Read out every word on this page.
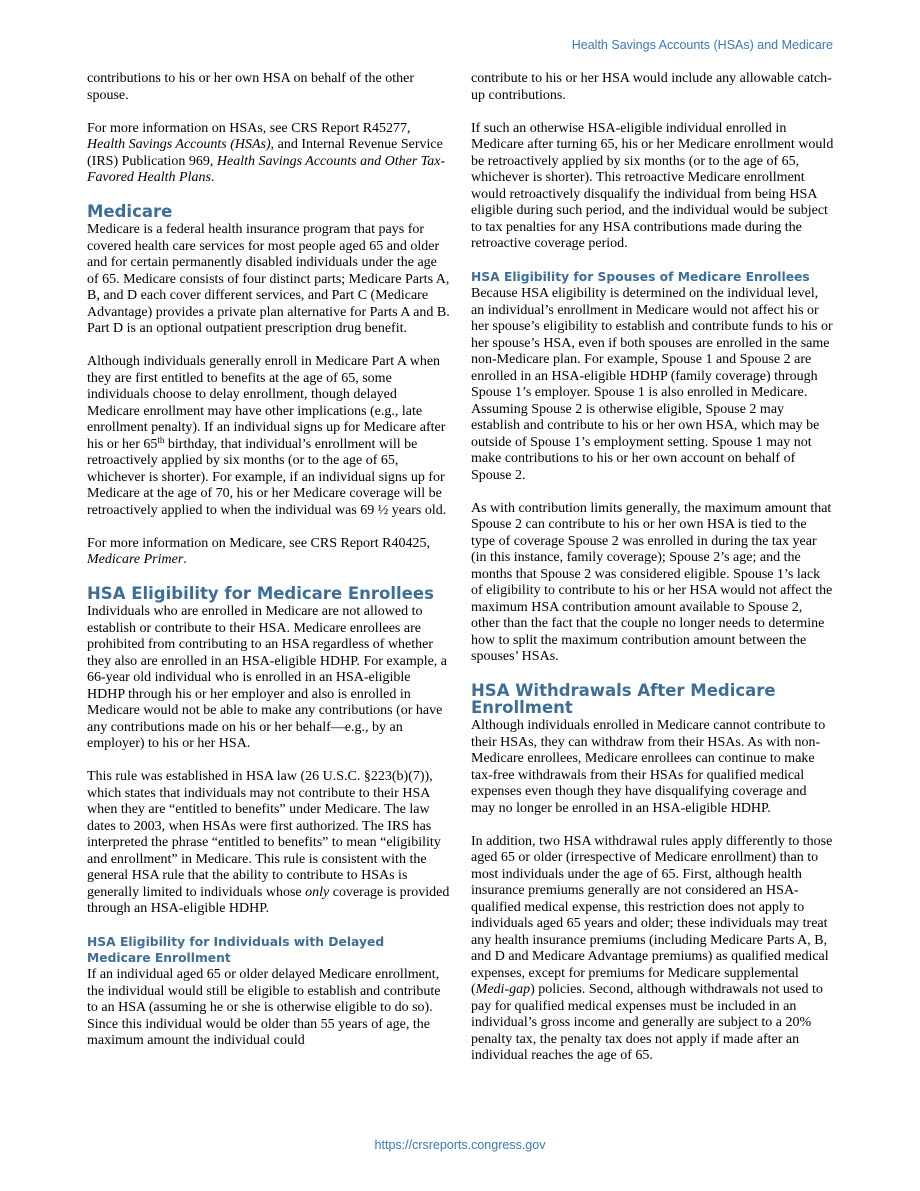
Health Savings Accounts (HSAs) and Medicare

contributions to his or her own HSA on behalf of the other spouse.

For more information on HSAs, see CRS Report R45277, Health Savings Accounts (HSAs), and Internal Revenue Service (IRS) Publication 969, Health Savings Accounts and Other Tax-Favored Health Plans.

Medicare

Medicare is a federal health insurance program that pays for covered health care services for most people aged 65 and older and for certain permanently disabled individuals under the age of 65. Medicare consists of four distinct parts; Medicare Parts A, B, and D each cover different services, and Part C (Medicare Advantage) provides a private plan alternative for Parts A and B. Part D is an optional outpatient prescription drug benefit.

Although individuals generally enroll in Medicare Part A when they are first entitled to benefits at the age of 65, some individuals choose to delay enrollment, though delayed Medicare enrollment may have other implications (e.g., late enrollment penalty). If an individual signs up for Medicare after his or her 65th birthday, that individual’s enrollment will be retroactively applied by six months (or to the age of 65, whichever is shorter). For example, if an individual signs up for Medicare at the age of 70, his or her Medicare coverage will be retroactively applied to when the individual was 69 ½ years old.

For more information on Medicare, see CRS Report R40425, Medicare Primer.

HSA Eligibility for Medicare Enrollees

Individuals who are enrolled in Medicare are not allowed to establish or contribute to their HSA. Medicare enrollees are prohibited from contributing to an HSA regardless of whether they also are enrolled in an HSA-eligible HDHP. For example, a 66-year old individual who is enrolled in an HSA-eligible HDHP through his or her employer and also is enrolled in Medicare would not be able to make any contributions (or have any contributions made on his or her behalf—e.g., by an employer) to his or her HSA.

This rule was established in HSA law (26 U.S.C. §223(b)(7)), which states that individuals may not contribute to their HSA when they are “entitled to benefits” under Medicare. The law dates to 2003, when HSAs were first authorized. The IRS has interpreted the phrase “entitled to benefits” to mean “eligibility and enrollment” in Medicare. This rule is consistent with the general HSA rule that the ability to contribute to HSAs is generally limited to individuals whose only coverage is provided through an HSA-eligible HDHP.

HSA Eligibility for Individuals with Delayed Medicare Enrollment

If an individual aged 65 or older delayed Medicare enrollment, the individual would still be eligible to establish and contribute to an HSA (assuming he or she is otherwise eligible to do so). Since this individual would be older than 55 years of age, the maximum amount the individual could

contribute to his or her HSA would include any allowable catch-up contributions.

If such an otherwise HSA-eligible individual enrolled in Medicare after turning 65, his or her Medicare enrollment would be retroactively applied by six months (or to the age of 65, whichever is shorter). This retroactive Medicare enrollment would retroactively disqualify the individual from being HSA eligible during such period, and the individual would be subject to tax penalties for any HSA contributions made during the retroactive coverage period.

HSA Eligibility for Spouses of Medicare Enrollees

Because HSA eligibility is determined on the individual level, an individual’s enrollment in Medicare would not affect his or her spouse’s eligibility to establish and contribute funds to his or her spouse’s HSA, even if both spouses are enrolled in the same non-Medicare plan. For example, Spouse 1 and Spouse 2 are enrolled in an HSA-eligible HDHP (family coverage) through Spouse 1’s employer. Spouse 1 is also enrolled in Medicare. Assuming Spouse 2 is otherwise eligible, Spouse 2 may establish and contribute to his or her own HSA, which may be outside of Spouse 1’s employment setting. Spouse 1 may not make contributions to his or her own account on behalf of Spouse 2.

As with contribution limits generally, the maximum amount that Spouse 2 can contribute to his or her own HSA is tied to the type of coverage Spouse 2 was enrolled in during the tax year (in this instance, family coverage); Spouse 2’s age; and the months that Spouse 2 was considered eligible. Spouse 1’s lack of eligibility to contribute to his or her HSA would not affect the maximum HSA contribution amount available to Spouse 2, other than the fact that the couple no longer needs to determine how to split the maximum contribution amount between the spouses’ HSAs.

HSA Withdrawals After Medicare Enrollment

Although individuals enrolled in Medicare cannot contribute to their HSAs, they can withdraw from their HSAs. As with non-Medicare enrollees, Medicare enrollees can continue to make tax-free withdrawals from their HSAs for qualified medical expenses even though they have disqualifying coverage and may no longer be enrolled in an HSA-eligible HDHP.

In addition, two HSA withdrawal rules apply differently to those aged 65 or older (irrespective of Medicare enrollment) than to most individuals under the age of 65. First, although health insurance premiums generally are not considered an HSA-qualified medical expense, this restriction does not apply to individuals aged 65 years and older; these individuals may treat any health insurance premiums (including Medicare Parts A, B, and D and Medicare Advantage premiums) as qualified medical expenses, except for premiums for Medicare supplemental (Medi-gap) policies. Second, although withdrawals not used to pay for qualified medical expenses must be included in an individual’s gross income and generally are subject to a 20% penalty tax, the penalty tax does not apply if made after an individual reaches the age of 65.

https://crsreports.congress.gov
